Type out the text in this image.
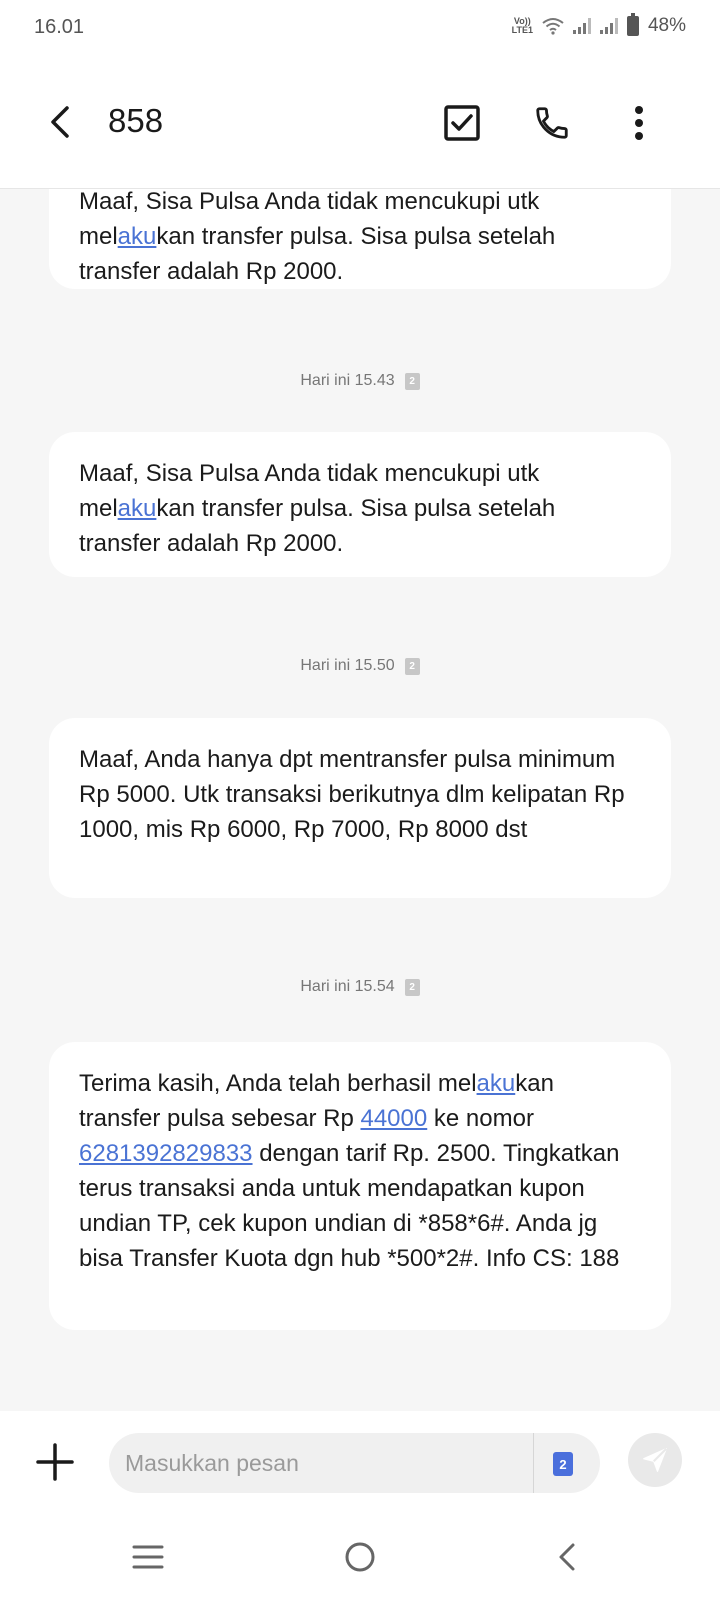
16.01	Vo))
LTE1	48%
858

Maaf, Sisa Pulsa Anda tidak mencukupi utk melakukan transfer pulsa. Sisa pulsa setelah transfer adalah Rp 2000.

Hari ini 15.43	2

Maaf, Sisa Pulsa Anda tidak mencukupi utk melakukan transfer pulsa. Sisa pulsa setelah transfer adalah Rp 2000.

Hari ini 15.50	2

Maaf, Anda hanya dpt mentransfer pulsa minimum Rp 5000. Utk transaksi berikutnya dlm kelipatan Rp 1000, mis Rp 6000, Rp 7000, Rp 8000 dst

Hari ini 15.54	2

Terima kasih, Anda telah berhasil melakukan transfer pulsa sebesar Rp 44000 ke nomor 6281392829833 dengan tarif Rp. 2500. Tingkatkan terus transaksi anda untuk mendapatkan kupon undian TP, cek kupon undian di *858*6#. Anda jg bisa Transfer Kuota dgn hub *500*2#. Info CS: 188

Masukkan pesan
2
